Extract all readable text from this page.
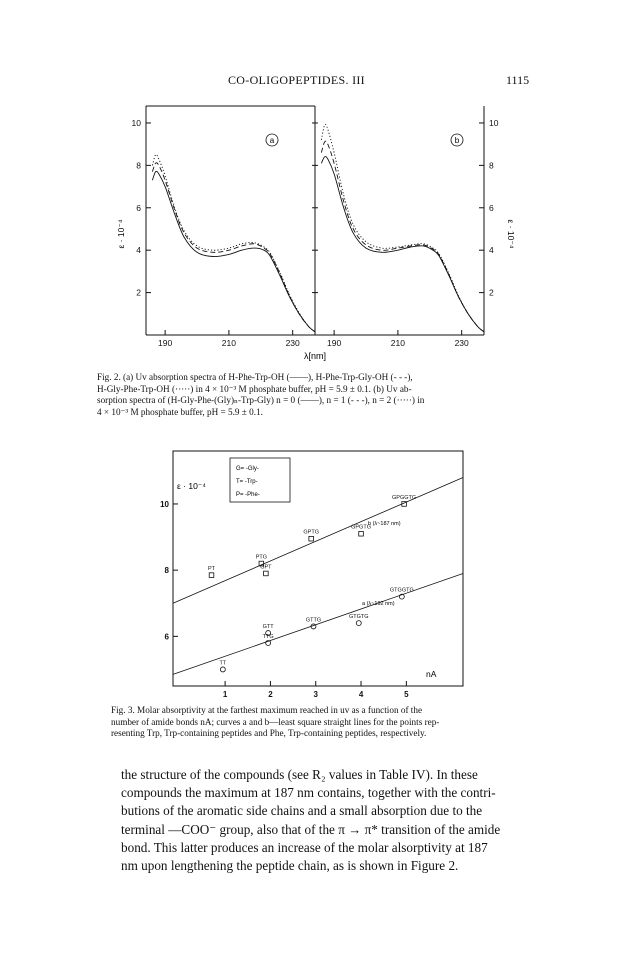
CO-OLIGOPEPTIDES. III	1115
190	210	230
2
4
6
8
10
190	210	230
2
4
6
8
10
a	b
ε · 10⁻⁴	ε · 10⁻⁴
λ[nm]
Fig. 2. (a) Uv absorption spectra of H-Phe-Trp-OH (——), H-Phe-Trp-Gly-OH (- - -),
H-Gly-Phe-Trp-OH (·····) in 4 × 10⁻³ M phosphate buffer, pH = 5.9 ± 0.1. (b) Uv ab-
sorption spectra of (H-Gly-Phe-(Gly)ₙ-Trp-Gly) n = 0 (——), n = 1 (- - -), n = 2 (·····) in
4 × 10⁻³ M phosphate buffer, pH = 5.9 ± 0.1.
G= -Gly-
T= -Trp-
P= -Phe-
ε · 10⁻⁴
nA
1	2	3	4	5
6
8
10
PT
PTG
GPT
GPTG
GPGTG
GPGGTG
TT
TTG
GTT
GTTG
GTGTG
GTGGTG
b (λ~187 nm)
a (λ~192 nm)
Fig. 3. Molar absorptivity at the farthest maximum reached in uv as a function of the
number of amide bonds nA; curves a and b—least square straight lines for the points rep-
resenting Trp, Trp-containing peptides and Phe, Trp-containing peptides, respectively.
the structure of the compounds (see R₂ values in Table IV). In these
compounds the maximum at 187 nm contains, together with the contri-
butions of the aromatic side chains and a small absorption due to the
terminal —COO⁻ group, also that of the π → π* transition of the amide
bond. This latter produces an increase of the molar alsorptivity at 187
nm upon lengthening the peptide chain, as is shown in Figure 2.
